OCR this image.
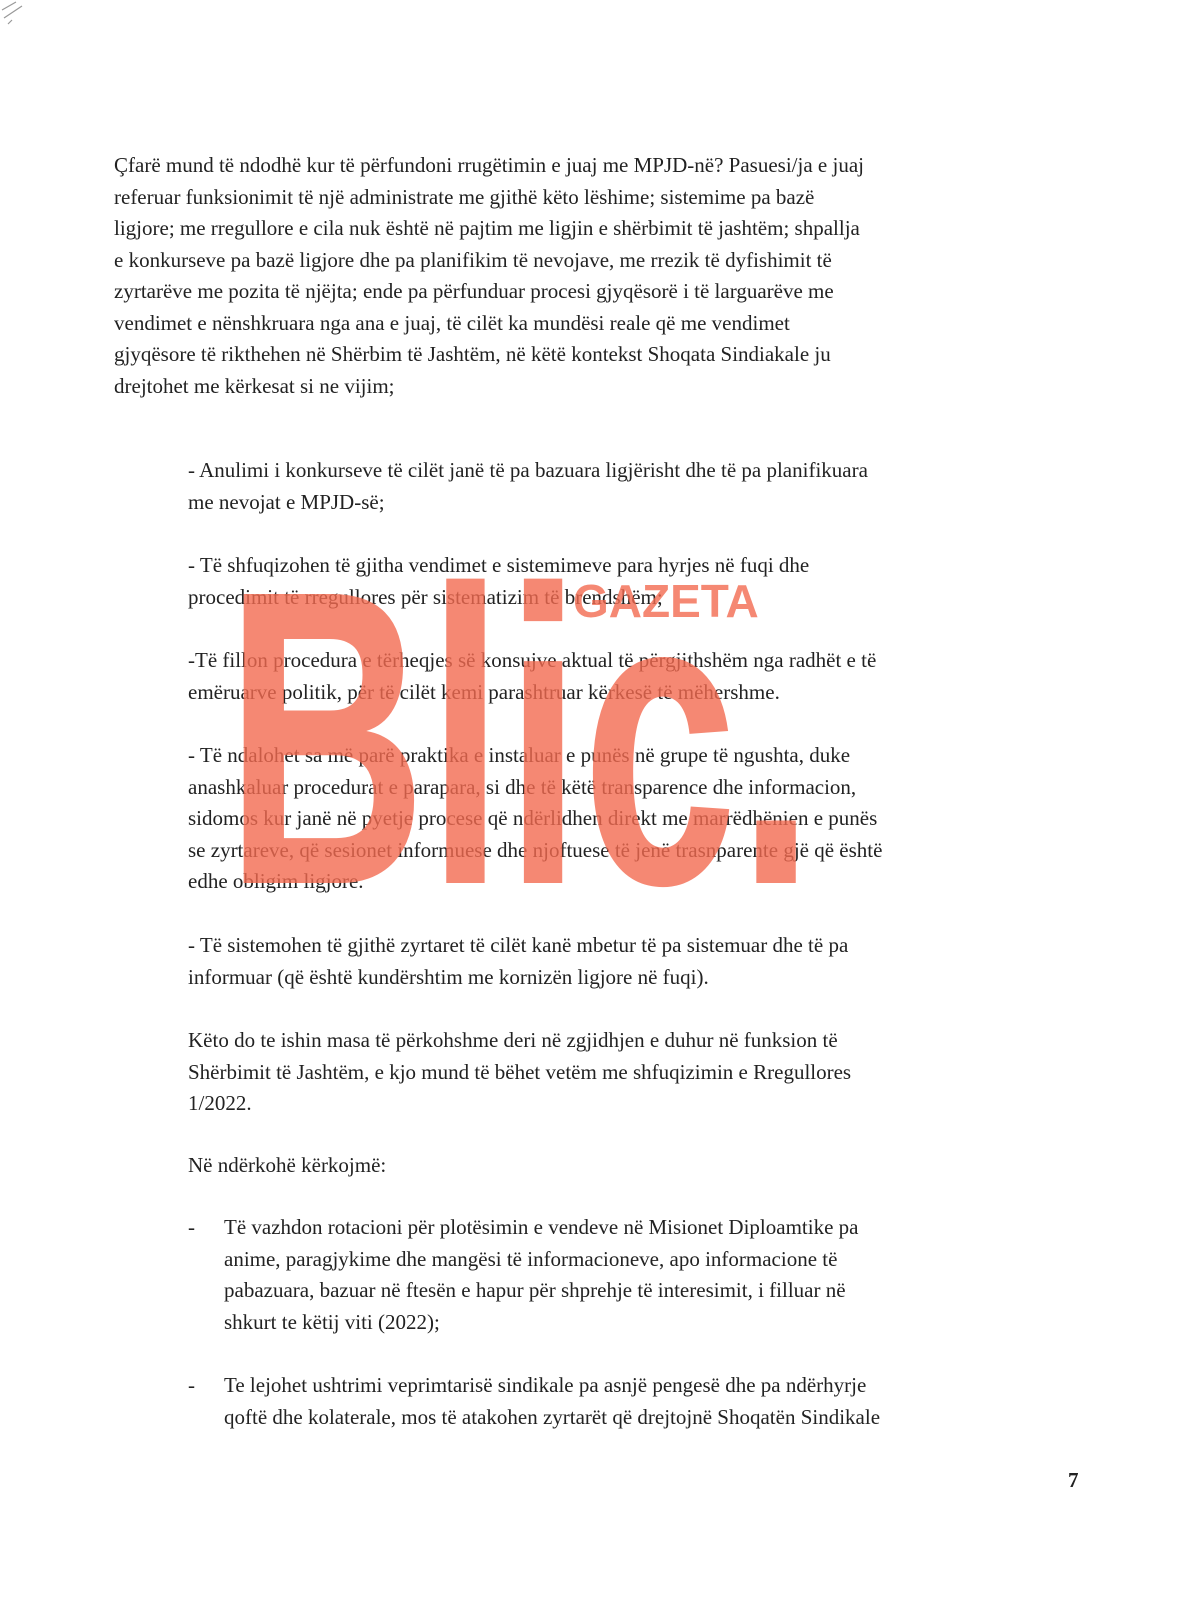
Çfarë mund të ndodhë kur të përfundoni rrugëtimin e juaj me MPJD-në? Pasuesi/ja e juaj
referuar funksionimit të një administrate me gjithë këto lëshime; sistemime pa bazë
ligjore; me rregullore e cila nuk është në pajtim me ligjin e shërbimit të jashtëm; shpallja
e konkurseve pa bazë ligjore dhe pa planifikim të nevojave, me rrezik të dyfishimit të
zyrtarëve me pozita të njëjta; ende pa përfunduar procesi gjyqësorë i të larguarëve me
vendimet e nënshkruara nga ana e juaj, të cilët ka mundësi reale që me vendimet
gjyqësore të rikthehen në Shërbim të Jashtëm, në këtë kontekst Shoqata Sindiakale ju
drejtohet me kërkesat si ne vijim;
- Anulimi i konkurseve të cilët janë të pa bazuara ligjërisht dhe të pa planifikuara
me nevojat e MPJD-së;
- Të shfuqizohen të gjitha vendimet e sistemimeve para hyrjes në fuqi dhe
procedimit të rregullores për sistematizim të brendshëm;
-Të fillon procedura e tërheqjes së konsujve aktual të përgjithshëm nga radhët e të
emëruarve politik, për të cilët kemi parashtruar kërkesë të mëhershme.
- Të ndalohet sa më parë praktika e instaluar e punës në grupe të ngushta, duke
anashkaluar procedurat e parapara, si dhe të këtë transparence dhe informacion,
sidomos kur janë në pyetje procese që ndërlidhen direkt me marrëdhënien e punës
se zyrtareve, që sesionet informuese dhe njoftuese të jenë trasnparente gjë që është
edhe obligim ligjore.
- Të sistemohen të gjithë zyrtaret të cilët kanë mbetur të pa sistemuar dhe të pa
informuar (që është kundërshtim me kornizën ligjore në fuqi).
Këto do te ishin masa të përkohshme deri në zgjidhjen e duhur në funksion të
Shërbimit të Jashtëm, e kjo mund të bëhet vetëm me shfuqizimin e Rregullores
1/2022.
Në ndërkohë kërkojmë:
- Të vazhdon rotacioni për plotësimin e vendeve në Misionet Diploamtike pa
anime, paragjykime dhe mangësi të informacioneve, apo informacione të
pabazuara, bazuar në ftesën e hapur për shprehje të interesimit, i filluar në
shkurt te këtij viti (2022);
- Te lejohet ushtrimi veprimtarisë sindikale pa asnjë pengesë dhe pa ndërhyrje
qoftë dhe kolaterale, mos të atakohen zyrtarët që drejtojnë Shoqatën Sindikale
7
Blic.
GAZETA
